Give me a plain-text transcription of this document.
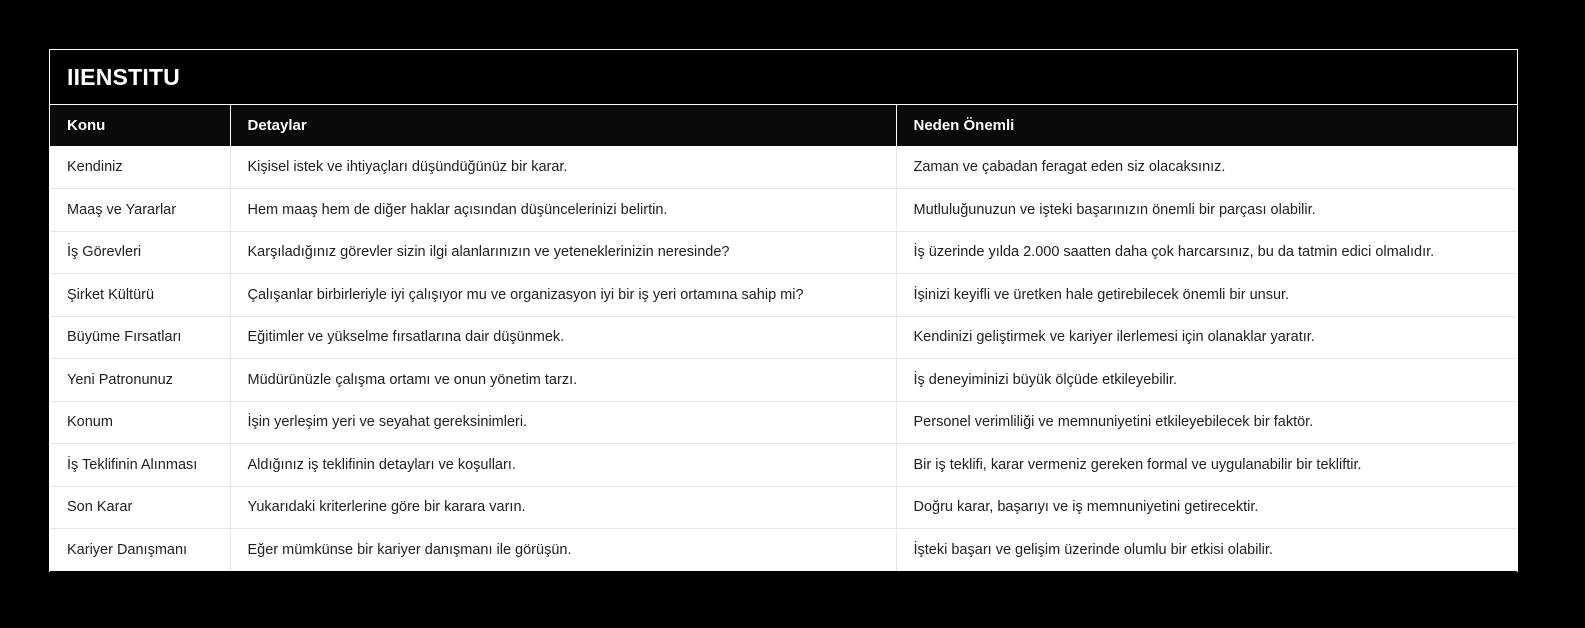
IIENSTITU
Konu	Detaylar	Neden Önemli
Kendiniz	Kişisel istek ve ihtiyaçları düşündüğünüz bir karar.	Zaman ve çabadan feragat eden siz olacaksınız.
Maaş ve Yararlar	Hem maaş hem de diğer haklar açısından düşüncelerinizi belirtin.	Mutluluğunuzun ve işteki başarınızın önemli bir parçası olabilir.
İş Görevleri	Karşıladığınız görevler sizin ilgi alanlarınızın ve yeteneklerinizin neresinde?	İş üzerinde yılda 2.000 saatten daha çok harcarsınız, bu da tatmin edici olmalıdır.
Şirket Kültürü	Çalışanlar birbirleriyle iyi çalışıyor mu ve organizasyon iyi bir iş yeri ortamına sahip mi?	İşinizi keyifli ve üretken hale getirebilecek önemli bir unsur.
Büyüme Fırsatları	Eğitimler ve yükselme fırsatlarına dair düşünmek.	Kendinizi geliştirmek ve kariyer ilerlemesi için olanaklar yaratır.
Yeni Patronunuz	Müdürünüzle çalışma ortamı ve onun yönetim tarzı.	İş deneyiminizi büyük ölçüde etkileyebilir.
Konum	İşin yerleşim yeri ve seyahat gereksinimleri.	Personel verimliliği ve memnuniyetini etkileyebilecek bir faktör.
İş Teklifinin Alınması	Aldığınız iş teklifinin detayları ve koşulları.	Bir iş teklifi, karar vermeniz gereken formal ve uygulanabilir bir tekliftir.
Son Karar	Yukarıdaki kriterlerine göre bir karara varın.	Doğru karar, başarıyı ve iş memnuniyetini getirecektir.
Kariyer Danışmanı	Eğer mümkünse bir kariyer danışmanı ile görüşün.	İşteki başarı ve gelişim üzerinde olumlu bir etkisi olabilir.
